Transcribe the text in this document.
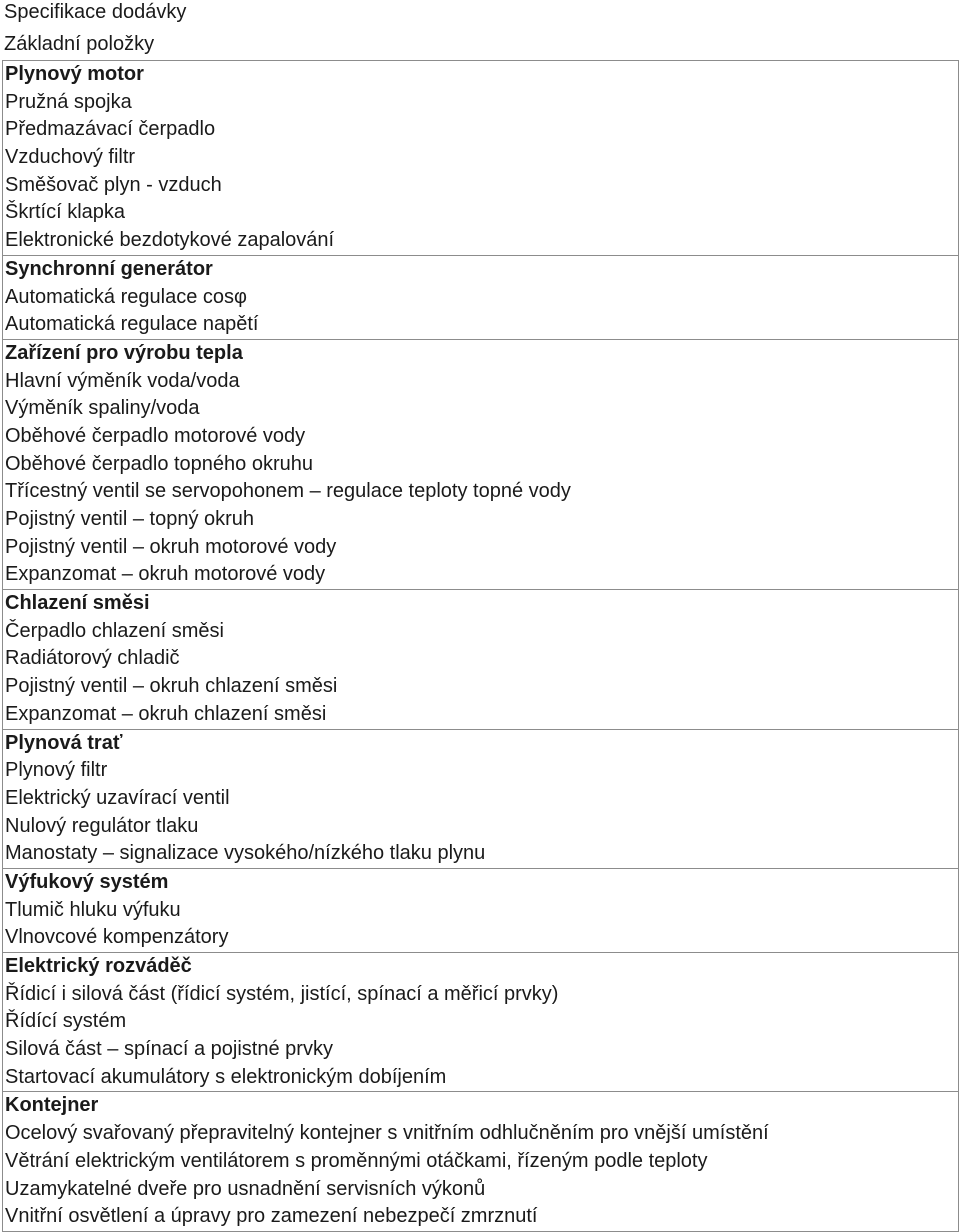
Specifikace dodávky
Základní položky
Plynový motor
Pružná spojka
Předmazávací čerpadlo
Vzduchový filtr
Směšovač plyn - vzduch
Škrtící klapka
Elektronické bezdotykové zapalování
Synchronní generátor
Automatická regulace cosφ
Automatická regulace napětí
Zařízení pro výrobu tepla
Hlavní výměník voda/voda
Výměník spaliny/voda
Oběhové čerpadlo motorové vody
Oběhové čerpadlo topného okruhu
Třícestný ventil se servopohonem – regulace teploty topné vody
Pojistný ventil – topný okruh
Pojistný ventil – okruh motorové vody
Expanzomat – okruh motorové vody
Chlazení směsi
Čerpadlo chlazení směsi
Radiátorový chladič
Pojistný ventil – okruh chlazení směsi
Expanzomat – okruh chlazení směsi
Plynová trať
Plynový filtr
Elektrický uzavírací ventil
Nulový regulátor tlaku
Manostaty – signalizace vysokého/nízkého tlaku plynu
Výfukový systém
Tlumič hluku výfuku
Vlnovcové kompenzátory
Elektrický rozváděč
Řídicí i silová část (řídicí systém, jistící, spínací a měřicí prvky)
Řídící systém
Silová část – spínací a pojistné prvky
Startovací akumulátory s elektronickým dobíjením
Kontejner
Ocelový svařovaný přepravitelný kontejner s vnitřním odhlučněním pro vnější umístění
Větrání elektrickým ventilátorem s proměnnými otáčkami, řízeným podle teploty
Uzamykatelné dveře pro usnadnění servisních výkonů
Vnitřní osvětlení a úpravy pro zamezení nebezpečí zmrznutí
